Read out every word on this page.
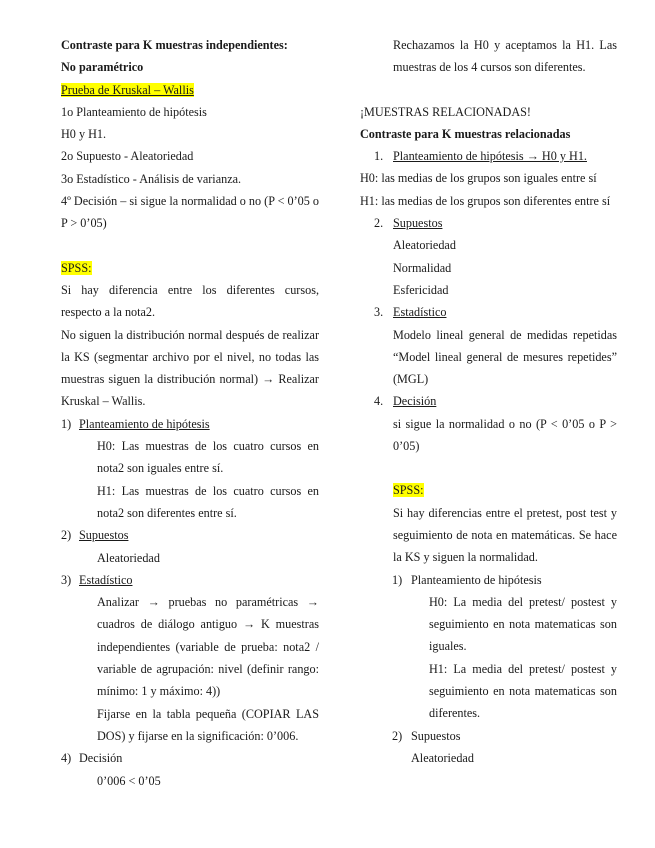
Contraste para K muestras independientes:

No paramétrico

Prueba de Kruskal – Wallis

1o Planteamiento de hipótesis

H0 y H1.

2o Supuesto - Aleatoriedad

3o Estadístico - Análisis de varianza.

4º Decisión – si sigue la normalidad o no (P < 0’05 o P > 0’05)

SPSS:

Si hay diferencia entre los diferentes cursos, respecto a la nota2.

No siguen la distribución normal después de realizar la KS (segmentar archivo por el nivel, no todas las muestras siguen la distribución normal) → Realizar Kruskal – Wallis.

1) Planteamiento de hipótesis

H0: Las muestras de los cuatro cursos en nota2 son iguales entre sí.

H1: Las muestras de los cuatro cursos en nota2 son diferentes entre sí.

2) Supuestos

Aleatoriedad

3) Estadístico

Analizar → pruebas no paramétricas → cuadros de diálogo antiguo → K muestras independientes (variable de prueba: nota2 / variable de agrupación: nivel (definir rango: mínimo: 1 y máximo: 4))

Fijarse en la tabla pequeña (COPIAR LAS DOS) y fijarse en la significación: 0’006.

4) Decisión

0’006 < 0’05

Rechazamos la H0 y aceptamos la H1. Las muestras de los 4 cursos son diferentes.

¡MUESTRAS RELACIONADAS!

Contraste para K muestras relacionadas

1. Planteamiento de hipótesis → H0 y H1.

H0: las medias de los grupos son iguales entre sí

H1: las medias de los grupos son diferentes entre sí

2. Supuestos

Aleatoriedad

Normalidad

Esfericidad

3. Estadístico

Modelo lineal general de medidas repetidas “Model lineal general de mesures repetides” (MGL)

4. Decisión

si sigue la normalidad o no (P < 0’05 o P > 0’05)

SPSS:

Si hay diferencias entre el pretest, post test y seguimiento de nota en matemáticas. Se hace la KS y siguen la normalidad.

1) Planteamiento de hipótesis

H0: La media del pretest/ postest y seguimiento en nota matematicas son iguales.

H1: La media del pretest/ postest y seguimiento en nota matematicas son diferentes.

2) Supuestos

Aleatoriedad
